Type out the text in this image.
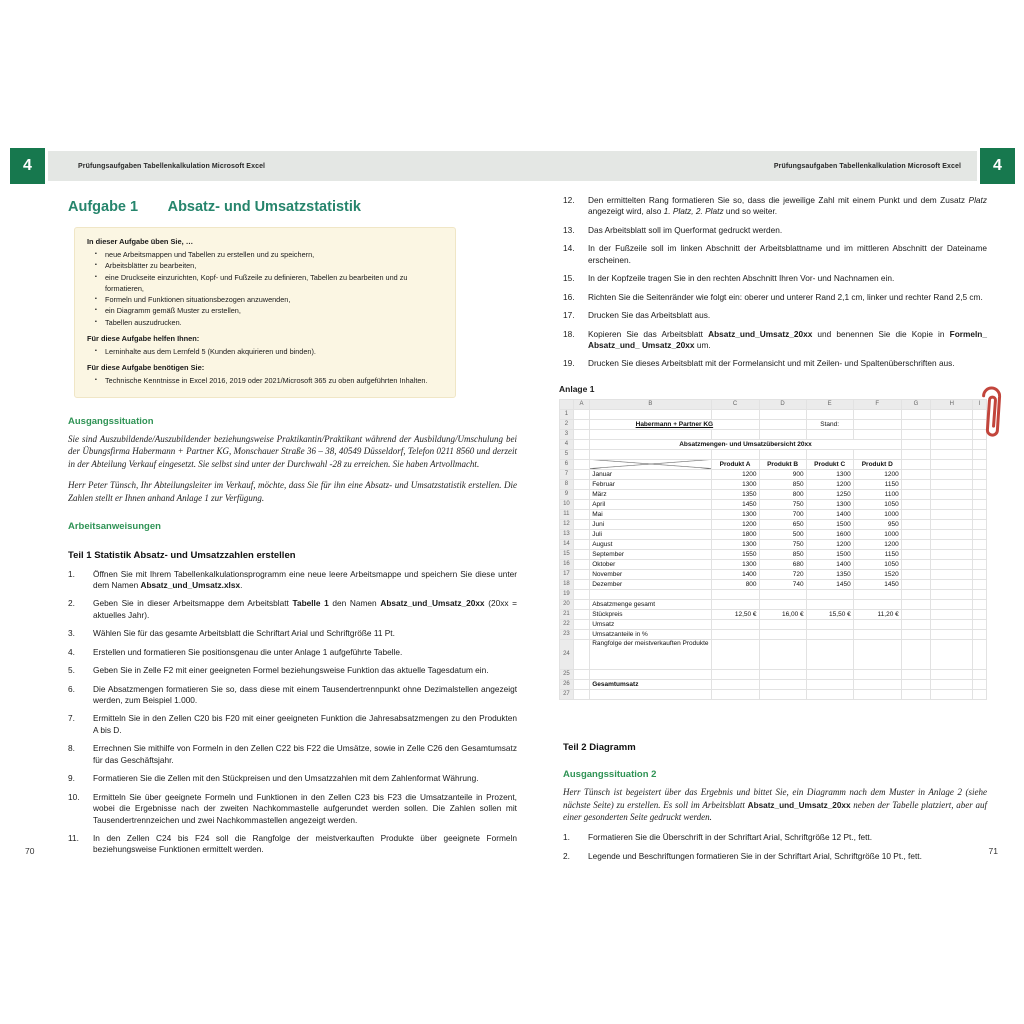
4	Prüfungsaufgaben Tabellenkalkulation Microsoft Excel	Prüfungsaufgaben Tabellenkalkulation Microsoft Excel	4
Aufgabe 1 Absatz- und Umsatzstatistik
In dieser Aufgabe üben Sie, …
▪	neue Arbeitsmappen und Tabellen zu erstellen und zu speichern,
▪	Arbeitsblätter zu bearbeiten,
▪	eine Druckseite einzurichten, Kopf- und Fußzeile zu definieren, Tabellen zu bearbeiten und zu formatieren,
▪	Formeln und Funktionen situationsbezogen anzuwenden,
▪	ein Diagramm gemäß Muster zu erstellen,
▪	Tabellen auszudrucken.
Für diese Aufgabe helfen Ihnen:
▪	Lerninhalte aus dem Lernfeld 5 (Kunden akquirieren und binden).
Für diese Aufgabe benötigen Sie:
▪	Technische Kenntnisse in Excel 2016, 2019 oder 2021/Microsoft 365 zu oben aufgeführten Inhalten.
Ausgangssituation

Sie sind Auszubildende/Auszubildender beziehungsweise Praktikantin/Praktikant während der Ausbildung/Umschulung bei der Übungsfirma Habermann + Partner KG, Monschauer Straße 36 – 38, 40549 Düsseldorf, Telefon 0211 8560 und derzeit in der Abteilung Verkauf eingesetzt. Sie selbst sind unter der Durchwahl -28 zu erreichen. Sie haben Artvollmacht.

Herr Peter Tünsch, Ihr Abteilungsleiter im Verkauf, möchte, dass Sie für ihn eine Absatz- und Umsatzstatistik erstellen. Die Zahlen stellt er Ihnen anhand Anlage 1 zur Verfügung.

Arbeitsanweisungen
Teil 1 Statistik Absatz- und Umsatzzahlen erstellen
1.	Öffnen Sie mit Ihrem Tabellenkalkulationsprogramm eine neue leere Arbeitsmappe und speichern Sie diese unter dem Namen Absatz_und_Umsatz.xlsx.
2.	Geben Sie in dieser Arbeitsmappe dem Arbeitsblatt Tabelle 1 den Namen Absatz_und_Umsatz_20xx (20xx = aktuelles Jahr).
3.	Wählen Sie für das gesamte Arbeitsblatt die Schriftart Arial und Schriftgröße 11 Pt.
4.	Erstellen und formatieren Sie positionsgenau die unter Anlage 1 aufgeführte Tabelle.
5.	Geben Sie in Zelle F2 mit einer geeigneten Formel beziehungsweise Funktion das aktuelle Tagesdatum ein.
6.	Die Absatzmengen formatieren Sie so, dass diese mit einem Tausendertrennpunkt ohne Dezimalstellen angezeigt werden, zum Beispiel 1.000.
7.	Ermitteln Sie in den Zellen C20 bis F20 mit einer geeigneten Funktion die Jahresabsatzmengen zu den Produkten A bis D.
8.	Errechnen Sie mithilfe von Formeln in den Zellen C22 bis F22 die Umsätze, sowie in Zelle C26 den Gesamtumsatz für das Geschäftsjahr.
9.	Formatieren Sie die Zellen mit den Stückpreisen und den Umsatzzahlen mit dem Zahlenformat Währung.
10.	Ermitteln Sie über geeignete Formeln und Funktionen in den Zellen C23 bis F23 die Umsatzanteile in Prozent, wobei die Ergebnisse nach der zweiten Nachkommastelle aufgerundet werden sollen. Die Zahlen sollen mit Tausendertrennzeichen und zwei Nachkommastellen angezeigt werden.
11.	In den Zellen C24 bis F24 soll die Rangfolge der meistverkauften Produkte über geeignete Formeln beziehungsweise Funktionen ermittelt werden.
12.	Den ermittelten Rang formatieren Sie so, dass die jeweilige Zahl mit einem Punkt und dem Zusatz Platz angezeigt wird, also 1. Platz, 2. Platz und so weiter.
13.	Das Arbeitsblatt soll im Querformat gedruckt werden.
14.	In der Fußzeile soll im linken Abschnitt der Arbeitsblattname und im mittleren Abschnitt der Dateiname erscheinen.
15.	In der Kopfzeile tragen Sie in den rechten Abschnitt Ihren Vor- und Nachnamen ein.
16.	Richten Sie die Seitenränder wie folgt ein: oberer und unterer Rand 2,1 cm, linker und rechter Rand 2,5 cm.
17.	Drucken Sie das Arbeitsblatt aus.
18.	Kopieren Sie das Arbeitsblatt Absatz_und_Umsatz_20xx und benennen Sie die Kopie in Formeln_ Absatz_und_ Umsatz_20xx um.
19.	Drucken Sie dieses Arbeitsblatt mit der Formelansicht und mit Zeilen- und Spaltenüberschriften aus.
Anlage 1
	A	B	C	D	E	F	G	H	I
1									
2		Habermann + Partner KG			Stand:				
3									
4		Absatzmengen- und Umsatzübersicht 20xx							
5									
6			Produkt A	Produkt B	Produkt C	Produkt D			
7		Januar	1200	900	1300	1200			
8		Februar	1300	850	1200	1150			
9		März	1350	800	1250	1100			
10		April	1450	750	1300	1050			
11		Mai	1300	700	1400	1000			
12		Juni	1200	650	1500	950			
13		Juli	1800	500	1600	1000			
14		August	1300	750	1200	1200			
15		September	1550	850	1500	1150			
16		Oktober	1300	680	1400	1050			
17		November	1400	720	1350	1520			
18		Dezember	800	740	1450	1450			
19									
20		Absatzmenge gesamt							
21		Stückpreis	12,50 €	16,00 €	15,50 €	11,20 €			
22		Umsatz							
23		Umsatzanteile in %							
24		Rangfolge der meistverkauften Produkte							
25									
26		Gesamtumsatz							
27									
Teil 2 Diagramm
Ausgangssituation 2

Herr Tünsch ist begeistert über das Ergebnis und bittet Sie, ein Diagramm nach dem Muster in Anlage 2 (siehe nächste Seite) zu erstellen. Es soll im Arbeitsblatt Absatz_und_Umsatz_20xx neben der Tabelle platziert, aber auf einer gesonderten Seite gedruckt werden.

1.	Formatieren Sie die Überschrift in der Schriftart Arial, Schriftgröße 12 Pt., fett.
2.	Legende und Beschriftungen formatieren Sie in der Schriftart Arial, Schriftgröße 10 Pt., fett.
70	71
